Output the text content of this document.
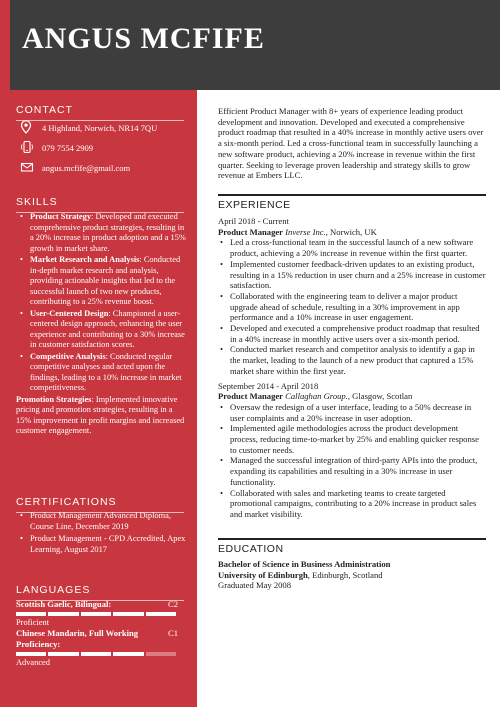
ANGUS MCFIFE
CONTACT
4 Highland, Norwich, NR14 7QU
079 7554 2909
angus.mcfife@gmail.com
SKILLS
• Product Strategy: Developed and executed comprehensive product strategies, resulting in a 20% increase in product adoption and a 15% growth in market share.
• Market Research and Analysis: Conducted in-depth market research and analysis, providing actionable insights that led to the successful launch of two new products, contributing to a 25% revenue boost.
• User-Centered Design: Championed a user-centered design approach, enhancing the user experience and contributing to a 30% increase in customer satisfaction scores.
• Competitive Analysis: Conducted regular competitive analyses and acted upon the findings, leading to a 10% increase in market competitiveness.
Promotion Strategies: Implemented innovative pricing and promotion strategies, resulting in a 15% improvement in profit margins and increased customer engagement.
CERTIFICATIONS
• Product Management Advanced Diploma, Course Line, December 2019
• Product Management - CPD Accredited, Apex Learning, August 2017
LANGUAGES
Scottish Gaelic, Bilingual:	C2
Proficient
Chinese Mandarin, Full Working Proficiency:
C1
Advanced
Efficient Product Manager with 8+ years of experience leading product development and innovation. Developed and executed a comprehensive product roadmap that resulted in a 40% increase in monthly active users over a six-month period. Led a cross-functional team in successfully launching a new software product, achieving a 20% increase in revenue within the first quarter. Seeking to leverage proven leadership and strategy skills to grow revenue at Embers LLC.
EXPERIENCE
April 2018 - Current
Product Manager Inverse Inc., Norwich, UK
• Led a cross-functional team in the successful launch of a new software product, achieving a 20% increase in revenue within the first quarter.
• Implemented customer feedback-driven updates to an existing product, resulting in a 15% reduction in user churn and a 25% increase in customer satisfaction.
• Collaborated with the engineering team to deliver a major product upgrade ahead of schedule, resulting in a 30% improvement in app performance and a 10% increase in user engagement.
• Developed and executed a comprehensive product roadmap that resulted in a 40% increase in monthly active users over a six-month period.
• Conducted market research and competitor analysis to identify a gap in the market, leading to the launch of a new product that captured a 15% market share within the first year.
September 2014 - April 2018
Product Manager Callaghan Group., Glasgow, Scotlan
• Oversaw the redesign of a user interface, leading to a 50% decrease in user complaints and a 20% increase in user adoption.
• Implemented agile methodologies across the product development process, reducing time-to-market by 25% and enabling quicker response to customer needs.
• Managed the successful integration of third-party APIs into the product, expanding its capabilities and resulting in a 30% increase in user functionality.
• Collaborated with sales and marketing teams to create targeted promotional campaigns, contributing to a 20% increase in product sales and market visibility.
EDUCATION
Bachelor of Science in Business Administration
University of Edinburgh, Edinburgh, Scotland
Graduated May 2008
